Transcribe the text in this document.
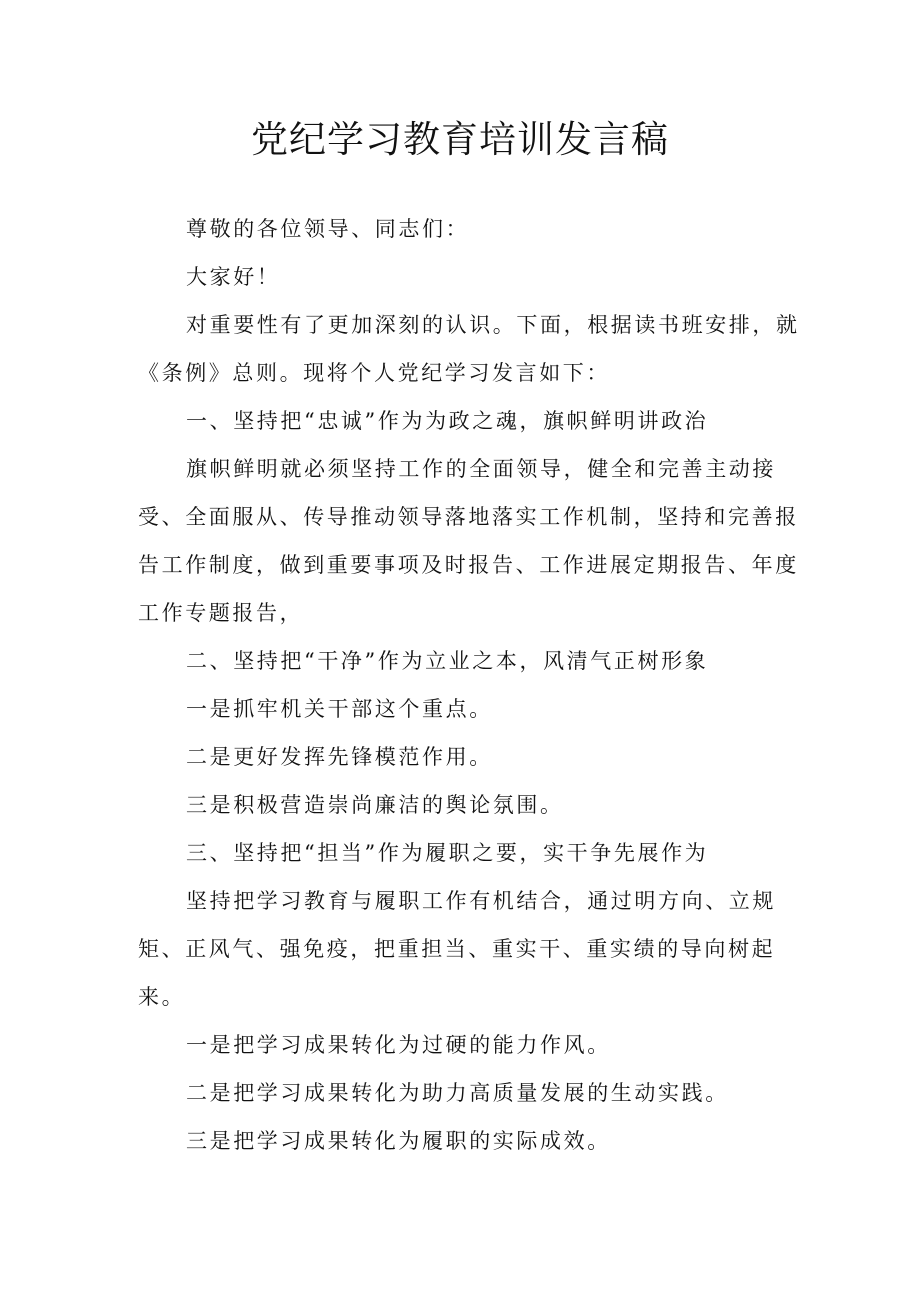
党纪学习教育培训发言稿

尊敬的各位领导、同志们：

大家好！

对重要性有了更加深刻的认识。下面，根据读书班安排，就《条例》总则。现将个人党纪学习发言如下：

一、坚持把“忠诚”作为为政之魂，旗帜鲜明讲政治

旗帜鲜明就必须坚持工作的全面领导，健全和完善主动接受、全面服从、传导推动领导落地落实工作机制，坚持和完善报告工作制度，做到重要事项及时报告、工作进展定期报告、年度工作专题报告，

二、坚持把“干净”作为立业之本，风清气正树形象

一是抓牢机关干部这个重点。

二是更好发挥先锋模范作用。

三是积极营造崇尚廉洁的舆论氛围。

三、坚持把“担当”作为履职之要，实干争先展作为

坚持把学习教育与履职工作有机结合，通过明方向、立规矩、正风气、强免疫，把重担当、重实干、重实绩的导向树起来。

一是把学习成果转化为过硬的能力作风。

二是把学习成果转化为助力高质量发展的生动实践。

三是把学习成果转化为履职的实际成效。
